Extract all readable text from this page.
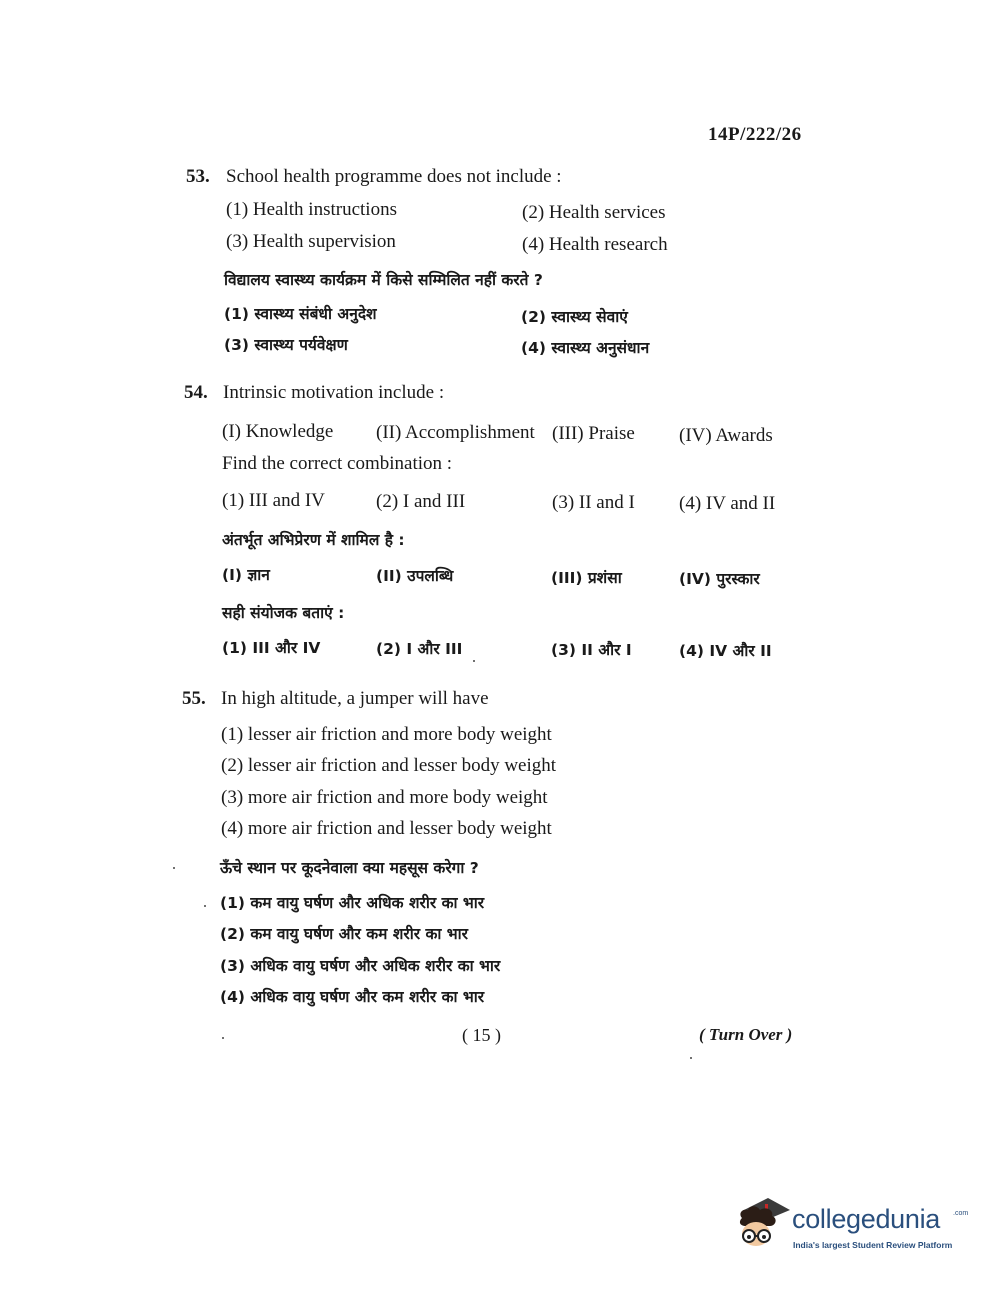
14P/222/26
53. School health programme does not include :
(1) Health instructions	(2) Health services
(3) Health supervision	(4) Health research
विद्यालय स्वास्थ्य कार्यक्रम में किसे सम्मिलित नहीं करते ?
(1) स्वास्थ्य संबंधी अनुदेश	(2) स्वास्थ्य सेवाएं
(3) स्वास्थ्य पर्यवेक्षण	(4) स्वास्थ्य अनुसंधान
54. Intrinsic motivation include :
(I) Knowledge (II) Accomplishment (III) Praise (IV) Awards
Find the correct combination :
(1) III and IV	(2) I and III	(3) II and I (4) IV and II
अंतर्भूत अभिप्रेरण में शामिल है :
(I) ज्ञान	(II) उपलब्धि	(III) प्रशंसा	(IV) पुरस्कार
सही संयोजक बताएं :
(1) III और IV	(2) I और III	(3) II और I	(4) IV और II
55. In high altitude, a jumper will have
(1) lesser air friction and more body weight
(2) lesser air friction and lesser body weight
(3) more air friction and more body weight
(4) more air friction and lesser body weight
ऊँचे स्थान पर कूदनेवाला क्या महसूस करेगा ?
(1) कम वायु घर्षण और अधिक शरीर का भार
(2) कम वायु घर्षण और कम शरीर का भार
(3) अधिक वायु घर्षण और अधिक शरीर का भार
(4) अधिक वायु घर्षण और कम शरीर का भार
( 15 )	( Turn Over )
collegedunia .com
India's largest Student Review Platform
